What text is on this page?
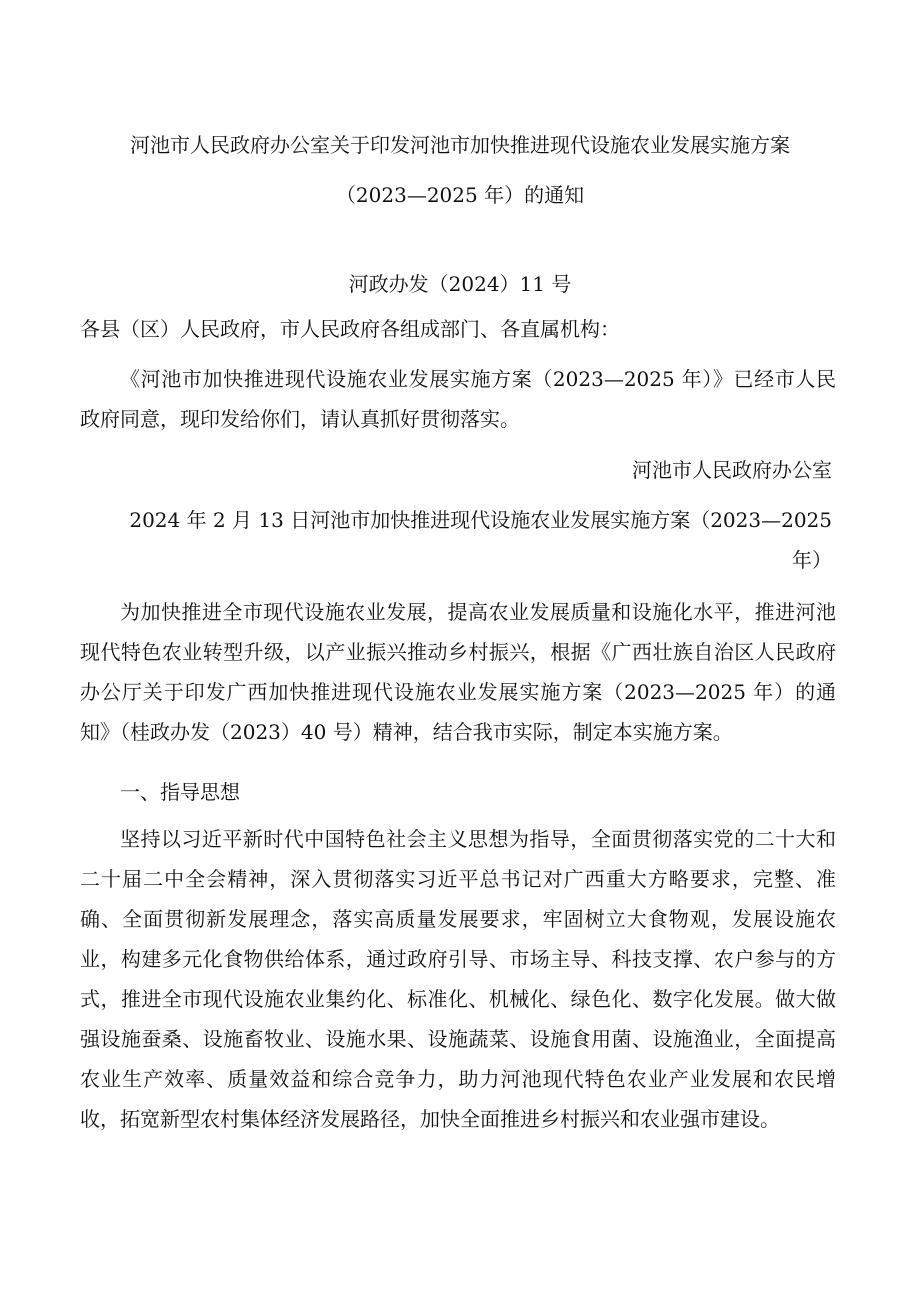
河池市人民政府办公室关于印发河池市加快推进现代设施农业发展实施方案
（2023—2025 年）的通知
河政办发（2024）11 号
各县（区）人民政府，市人民政府各组成部门、各直属机构：

《河池市加快推进现代设施农业发展实施方案（2023—2025 年）》已经市人民政府同意，现印发给你们，请认真抓好贯彻落实。

河池市人民政府办公室
2024 年 2 月 13 日河池市加快推进现代设施农业发展实施方案（2023—2025
年）

为加快推进全市现代设施农业发展，提高农业发展质量和设施化水平，推进河池现代特色农业转型升级，以产业振兴推动乡村振兴，根据《广西壮族自治区人民政府办公厅关于印发广西加快推进现代设施农业发展实施方案（2023—2025 年）的通知》（桂政办发（2023）40 号）精神，结合我市实际，制定本实施方案。

一、指导思想

坚持以习近平新时代中国特色社会主义思想为指导，全面贯彻落实党的二十大和二十届二中全会精神，深入贯彻落实习近平总书记对广西重大方略要求，完整、准确、全面贯彻新发展理念，落实高质量发展要求，牢固树立大食物观，发展设施农业，构建多元化食物供给体系，通过政府引导、市场主导、科技支撑、农户参与的方式，推进全市现代设施农业集约化、标准化、机械化、绿色化、数字化发展。做大做强设施蚕桑、设施畜牧业、设施水果、设施蔬菜、设施食用菌、设施渔业，全面提高农业生产效率、质量效益和综合竞争力，助力河池现代特色农业产业发展和农民增收，拓宽新型农村集体经济发展路径，加快全面推进乡村振兴和农业强市建设。
